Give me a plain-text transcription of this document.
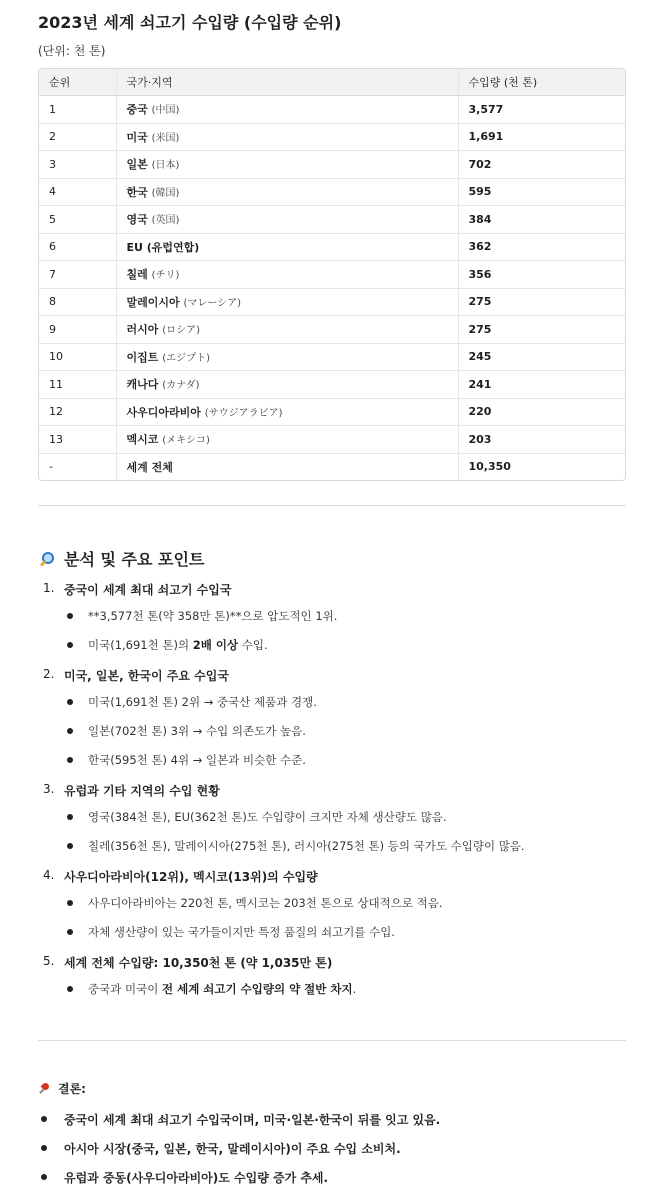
2023년 세계 쇠고기 수입량 (수입량 순위)
(단위: 천 톤)
순위	국가·지역	수입량 (천 톤)
1	중국 (中国)	3,577
2	미국 (米国)	1,691
3	일본 (日本)	702
4	한국 (韓国)	595
5	영국 (英国)	384
6	EU (유럽연합)	362
7	칠레 (チリ)	356
8	말레이시아 (マレーシア)	275
9	러시아 (ロシア)	275
10	이집트 (エジプト)	245
11	캐나다 (カナダ)	241
12	사우디아라비아 (サウジアラビア)	220
13	멕시코 (メキシコ)	203
-	세계 전체	10,350
분석 및 주요 포인트
1. 중국이 세계 최대 쇠고기 수입국
**3,577천 톤(약 358만 톤)**으로 압도적인 1위.
미국(1,691천 톤)의 2배 이상 수입.
2. 미국, 일본, 한국이 주요 수입국
미국(1,691천 톤) 2위 → 중국산 제품과 경쟁.
일본(702천 톤) 3위 → 수입 의존도가 높음.
한국(595천 톤) 4위 → 일본과 비슷한 수준.
3. 유럽과 기타 지역의 수입 현황
영국(384천 톤), EU(362천 톤)도 수입량이 크지만 자체 생산량도 많음.
칠레(356천 톤), 말레이시아(275천 톤), 러시아(275천 톤) 등의 국가도 수입량이 많음.
4. 사우디아라비아(12위), 멕시코(13위)의 수입량
사우디아라비아는 220천 톤, 멕시코는 203천 톤으로 상대적으로 적음.
자체 생산량이 있는 국가들이지만 특정 품질의 쇠고기를 수입.
5. 세계 전체 수입량: 10,350천 톤 (약 1,035만 톤)
중국과 미국이 전 세계 쇠고기 수입량의 약 절반 차지.
결론:
중국이 세계 최대 쇠고기 수입국이며, 미국·일본·한국이 뒤를 잇고 있음.
아시아 시장(중국, 일본, 한국, 말레이시아)이 주요 수입 소비처.
유럽과 중동(사우디아라비아)도 수입량 증가 추세.
